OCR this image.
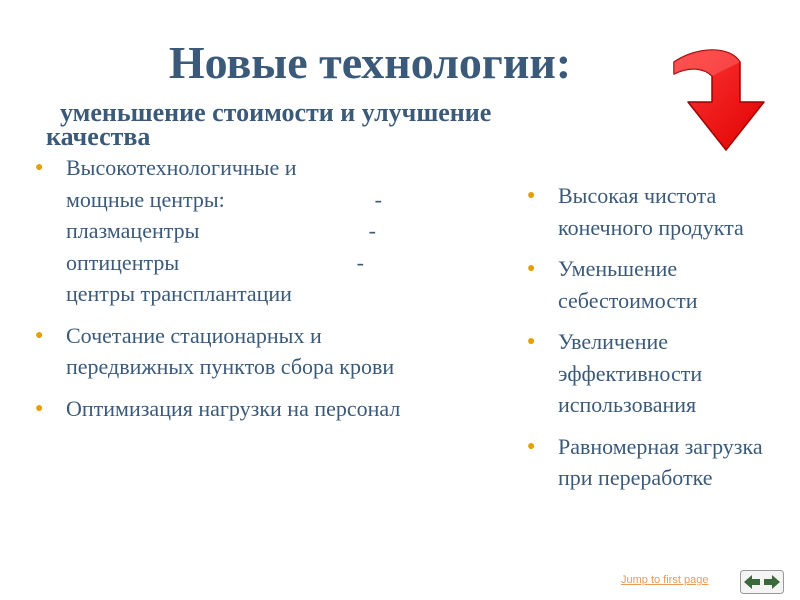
Новые технологии:
уменьшение стоимости и улучшение
качества
● Высокотехнологичные и

мощные центры:	-
плазмацентры	-
оптицентры	-
центры трансплантации
● Сочетание стационарных и передвижных пунктов сбора крови
● Оптимизация нагрузки на персонал
● Высокая чистота конечного продукта
● Уменьшение себестоимости
● Увеличение эффективности использования
● Равномерная загрузка при переработке
Jump to first page
